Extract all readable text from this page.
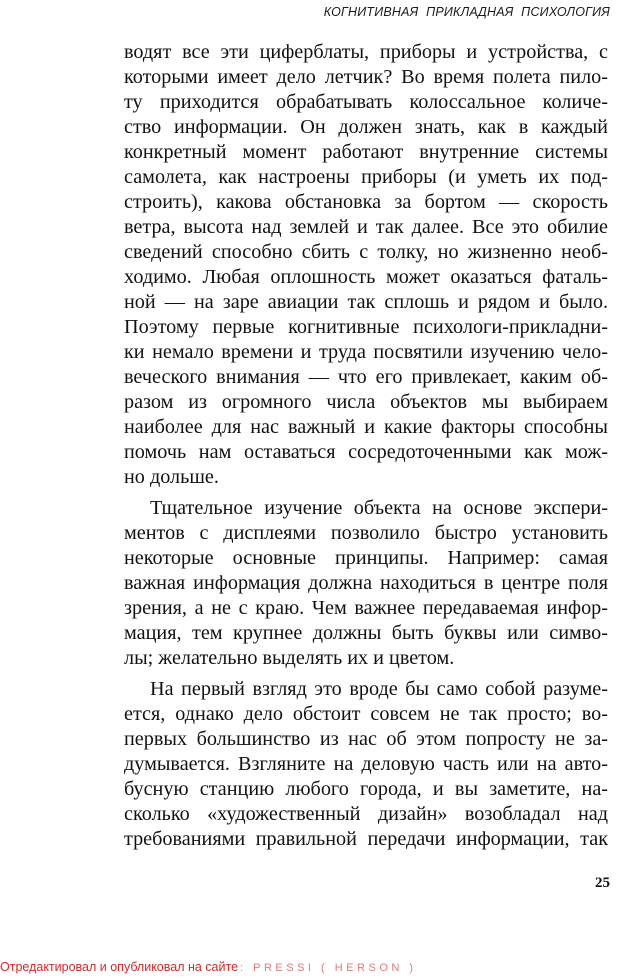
КОГНИТИВНАЯ ПРИКЛАДНАЯ ПСИХОЛОГИЯ
водят все эти циферблаты, приборы и устройства, с
которыми имеет дело летчик? Во время полета пило-
ту приходится обрабатывать колоссальное количе-
ство информации. Он должен знать, как в каждый
конкретный момент работают внутренние системы
самолета, как настроены приборы (и уметь их под-
строить), какова обстановка за бортом — скорость
ветра, высота над землей и так далее. Все это обилие
сведений способно сбить с толку, но жизненно необ-
ходимо. Любая оплошность может оказаться фаталь-
ной — на заре авиации так сплошь и рядом и было.
Поэтому первые когнитивные психологи-прикладни-
ки немало времени и труда посвятили изучению чело-
веческого внимания — что его привлекает, каким об-
разом из огромного числа объектов мы выбираем
наиболее для нас важный и какие факторы способны
помочь нам оставаться сосредоточенными как мож-
но дольше.
Тщательное изучение объекта на основе экспери-
ментов с дисплеями позволило быстро установить
некоторые основные принципы. Например: самая
важная информация должна находиться в центре поля
зрения, а не с краю. Чем важнее передаваемая инфор-
мация, тем крупнее должны быть буквы или симво-
лы; желательно выделять их и цветом.
На первый взгляд это вроде бы само собой разуме-
ется, однако дело обстоит совсем не так просто; во-
первых большинство из нас об этом попросту не за-
думывается. Взгляните на деловую часть или на авто-
бусную станцию любого города, и вы заметите, на-
сколько «художественный дизайн» возобладал над
требованиями правильной передачи информации, так
25
Отредактировал и опубликовал на сайте : PRESSI ( HERSON )
